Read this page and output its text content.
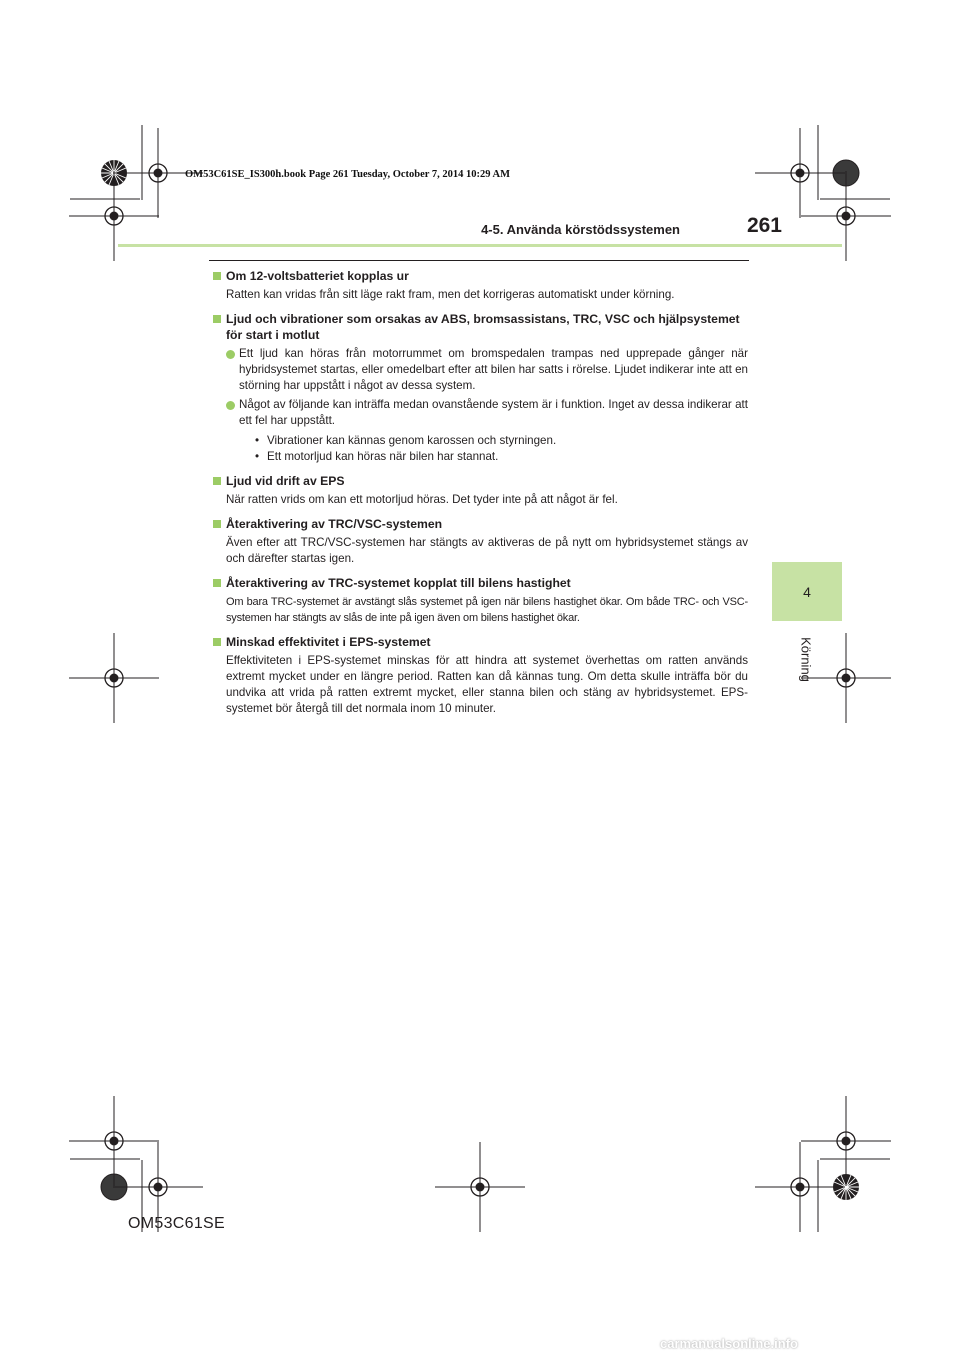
OM53C61SE_IS300h.book Page 261 Tuesday, October 7, 2014 10:29 AM
4-5. Använda körstödssystemen	261
4
Körning
Om 12-voltsbatteriet kopplas ur
Ratten kan vridas från sitt läge rakt fram, men det korrigeras automatiskt under körning.
Ljud och vibrationer som orsakas av ABS, bromsassistans, TRC, VSC och hjälpsystemet för start i motlut
Ett ljud kan höras från motorrummet om bromspedalen trampas ned upprepade gånger när hybridsystemet startas, eller omedelbart efter att bilen har satts i rörelse. Ljudet indikerar inte att en störning har uppstått i något av dessa system.
Något av följande kan inträffa medan ovanstående system är i funktion. Inget av dessa indikerar att ett fel har uppstått.
• Vibrationer kan kännas genom karossen och styrningen.
• Ett motorljud kan höras när bilen har stannat.
Ljud vid drift av EPS
När ratten vrids om kan ett motorljud höras. Det tyder inte på att något är fel.
Återaktivering av TRC/VSC-systemen
Även efter att TRC/VSC-systemen har stängts av aktiveras de på nytt om hybridsystemet stängs av och därefter startas igen.
Återaktivering av TRC-systemet kopplat till bilens hastighet
Om bara TRC-systemet är avstängt slås systemet på igen när bilens hastighet ökar. Om både TRC- och VSC-systemen har stängts av slås de inte på igen även om bilens hastighet ökar.
Minskad effektivitet i EPS-systemet
Effektiviteten i EPS-systemet minskas för att hindra att systemet överhettas om ratten används extremt mycket under en längre period. Ratten kan då kännas tung. Om detta skulle inträffa bör du undvika att vrida på ratten extremt mycket, eller stanna bilen och stäng av hybridsystemet. EPS-systemet bör återgå till det normala inom 10 minuter.
OM53C61SE
carmanualsonline.info
